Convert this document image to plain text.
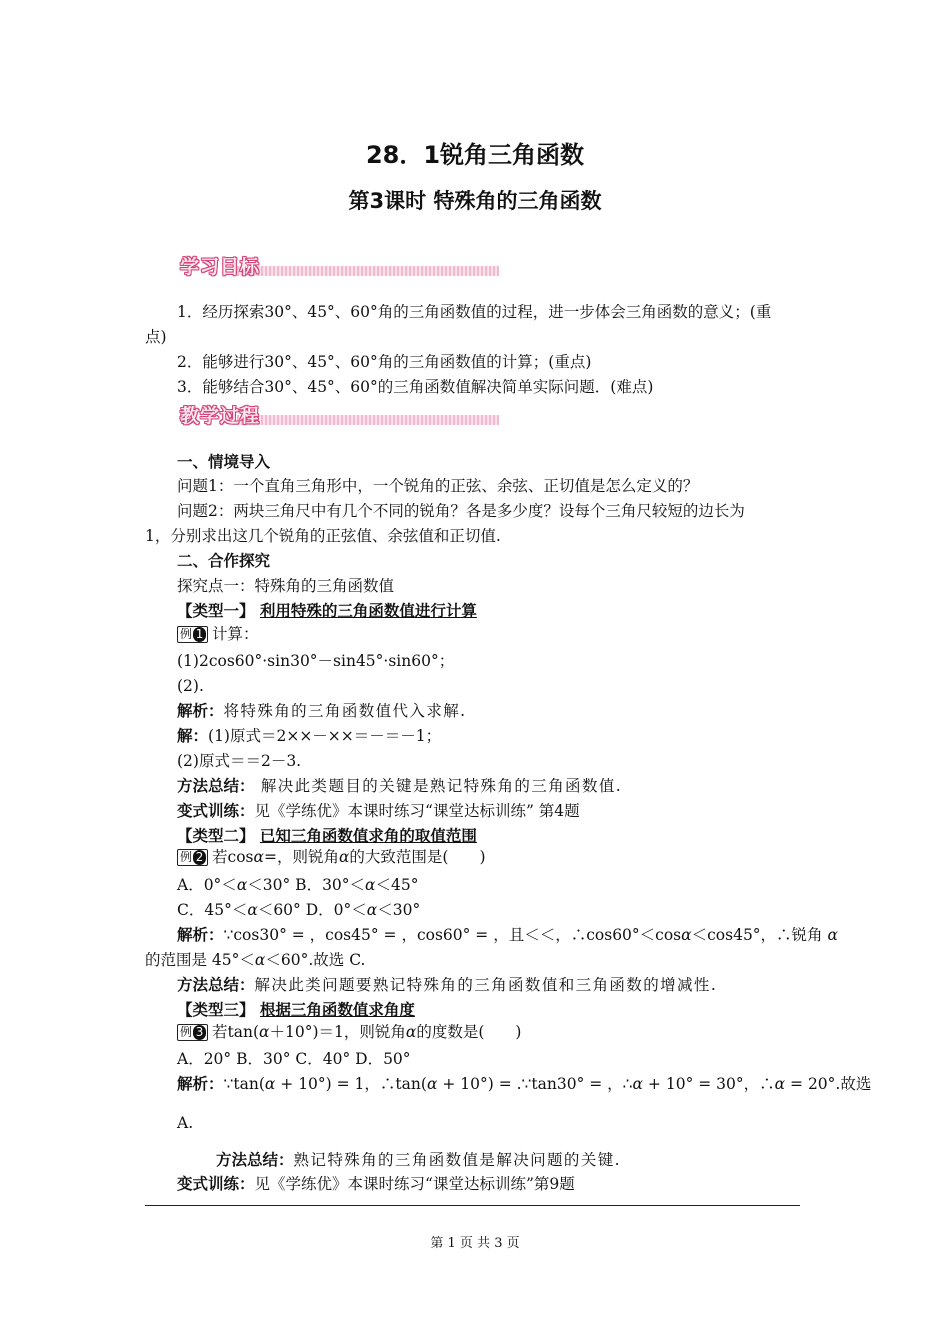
28．1锐角三角函数
第3课时 特殊角的三角函数
学习目标
1．经历探索30°、45°、60°角的三角函数值的过程，进一步体会三角函数的意义；(重
点)
2．能够进行30°、45°、60°角的三角函数值的计算；(重点)
3．能够结合30°、45°、60°的三角函数值解决简单实际问题．(难点)
教学过程
一、情境导入
问题1：一个直角三角形中，一个锐角的正弦、余弦、正切值是怎么定义的？
问题2：两块三角尺中有几个不同的锐角？各是多少度？设每个三角尺较短的边长为
1，分别求出这几个锐角的正弦值、余弦值和正切值.
二、合作探究
探究点一：特殊角的三角函数值
【类型一】 利用特殊的三角函数值进行计算
例 1 计算：
(1)2cos60°·sin30°－sin45°·sin60°；
(2).
解析：将特殊角的三角函数值代入求解.
解：(1)原式＝2××－××＝－＝－1；
(2)原式＝＝2－3.
方法总结： 解决此类题目的关键是熟记特殊角的三角函数值.
变式训练：见《学练优》本课时练习“课堂达标训练” 第4题
【类型二】 已知三角函数值求角的取值范围
例 2 若cosα=，则锐角α的大致范围是(　　)
A．0°＜α＜30° B．30°＜α＜45°
C．45°＜α＜60° D．0°＜α＜30°
解析：∵cos30° = ，cos45° = ，cos60° = ，且＜＜，∴cos60°＜cosα＜cos45°，∴锐角 α
的范围是 45°＜α＜60°.故选 C.
方法总结：解决此类问题要熟记特殊角的三角函数值和三角函数的增减性.
【类型三】 根据三角函数值求角度
例 3 若tan(α＋10°)＝1，则锐角α的度数是(　　)
A．20° B．30° C．40° D．50°
解析：∵tan(α + 10°) = 1，∴tan(α + 10°) = .∵tan30° = ，∴α + 10° = 30°，∴α = 20°.故选
A.
方法总结：熟记特殊角的三角函数值是解决问题的关键.
变式训练：见《学练优》本课时练习“课堂达标训练”第9题
第 1 页 共 3 页
